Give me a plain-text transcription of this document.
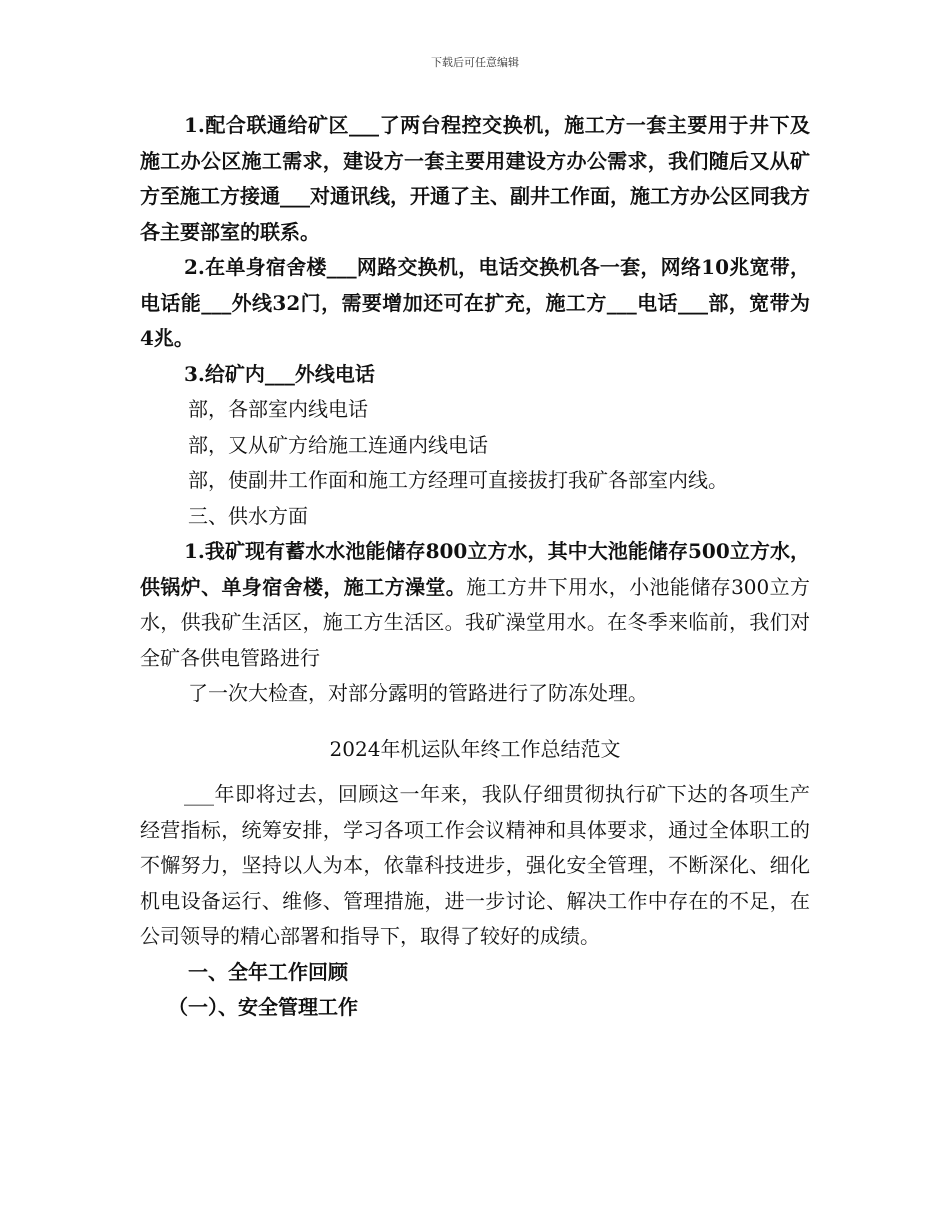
下载后可任意编辑

1.配合联通给矿区___了两台程控交换机，施工方一套主要用于井下及施工办公区施工需求，建设方一套主要用建设方办公需求，我们随后又从矿方至施工方接通___对通讯线，开通了主、副井工作面，施工方办公区同我方各主要部室的联系。

2.在单身宿舍楼___网路交换机，电话交换机各一套，网络10兆宽带，电话能___外线32门，需要增加还可在扩充，施工方___电话___部，宽带为4兆。

3.给矿内___外线电话

部，各部室内线电话

部，又从矿方给施工连通内线电话

部，使副井工作面和施工方经理可直接拔打我矿各部室内线。

三、供水方面

1.我矿现有蓄水水池能储存800立方水，其中大池能储存500立方水，供锅炉、单身宿舍楼，施工方澡堂。施工方井下用水，小池能储存300立方水，供我矿生活区，施工方生活区。我矿澡堂用水。在冬季来临前，我们对全矿各供电管路进行

了一次大检查，对部分露明的管路进行了防冻处理。

2024年机运队年终工作总结范文

___年即将过去，回顾这一年来，我队仔细贯彻执行矿下达的各项生产经营指标，统筹安排，学习各项工作会议精神和具体要求，通过全体职工的不懈努力，坚持以人为本，依靠科技进步，强化安全管理，不断深化、细化机电设备运行、维修、管理措施，进一步讨论、解决工作中存在的不足，在公司领导的精心部署和指导下，取得了较好的成绩。

一、全年工作回顾

（一）、安全管理工作
